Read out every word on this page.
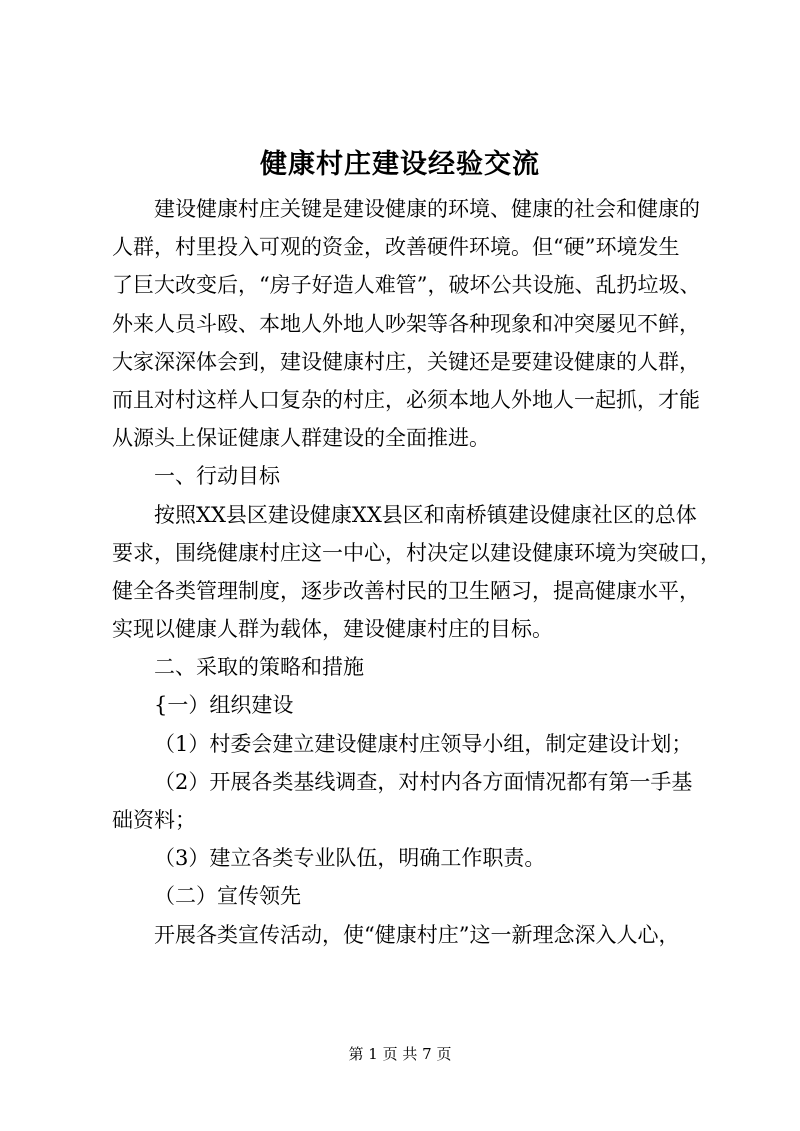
健康村庄建设经验交流
建设健康村庄关键是建设健康的环境、健康的社会和健康的
人群，村里投入可观的资金，改善硬件环境。但“硬”环境发生
了巨大改变后，“房子好造人难管”，破坏公共设施、乱扔垃圾、
外来人员斗殴、本地人外地人吵架等各种现象和冲突屡见不鲜，
大家深深体会到，建设健康村庄，关键还是要建设健康的人群，
而且对村这样人口复杂的村庄，必须本地人外地人一起抓，才能
从源头上保证健康人群建设的全面推进。
一、行动目标
按照XX县区建设健康XX县区和南桥镇建设健康社区的总体
要求，围绕健康村庄这一中心，村决定以建设健康环境为突破口，
健全各类管理制度，逐步改善村民的卫生陋习，提高健康水平，
实现以健康人群为载体，建设健康村庄的目标。
二、采取的策略和措施
{一）组织建设
（1）村委会建立建设健康村庄领导小组，制定建设计划；
（2）开展各类基线调查，对村内各方面情况都有第一手基
础资料；
（3）建立各类专业队伍，明确工作职责。
（二）宣传领先
开展各类宣传活动，使“健康村庄”这一新理念深入人心，
第 1 页 共 7 页
